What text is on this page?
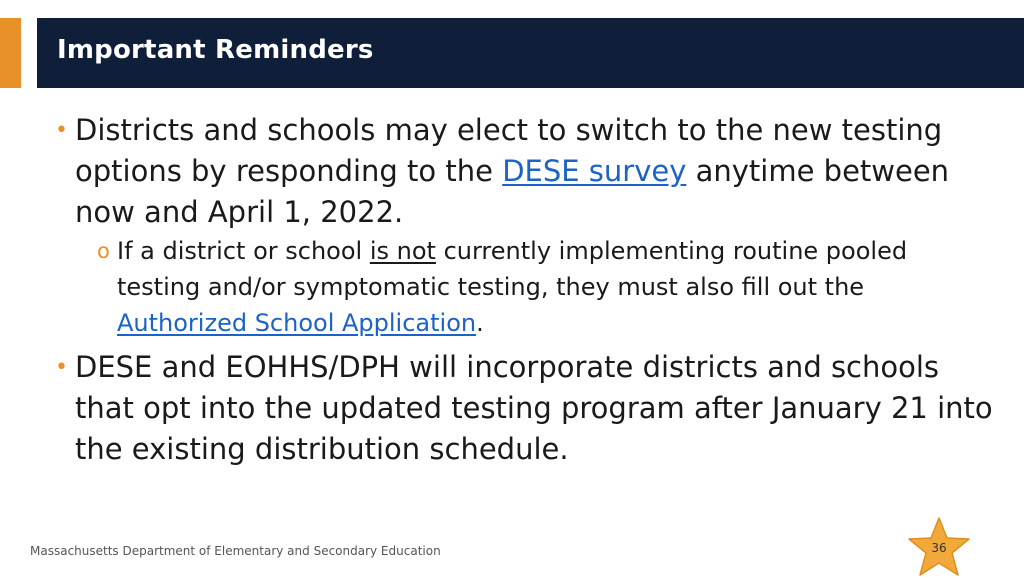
Important Reminders
• Districts and schools may elect to switch to the new testing options by responding to the DESE survey anytime between now and April 1, 2022.
o If a district or school is not currently implementing routine pooled testing and/or symptomatic testing, they must also fill out the Authorized School Application.
• DESE and EOHHS/DPH will incorporate districts and schools that opt into the updated testing program after January 21 into the existing distribution schedule.
Massachusetts Department of Elementary and Secondary Education	36
